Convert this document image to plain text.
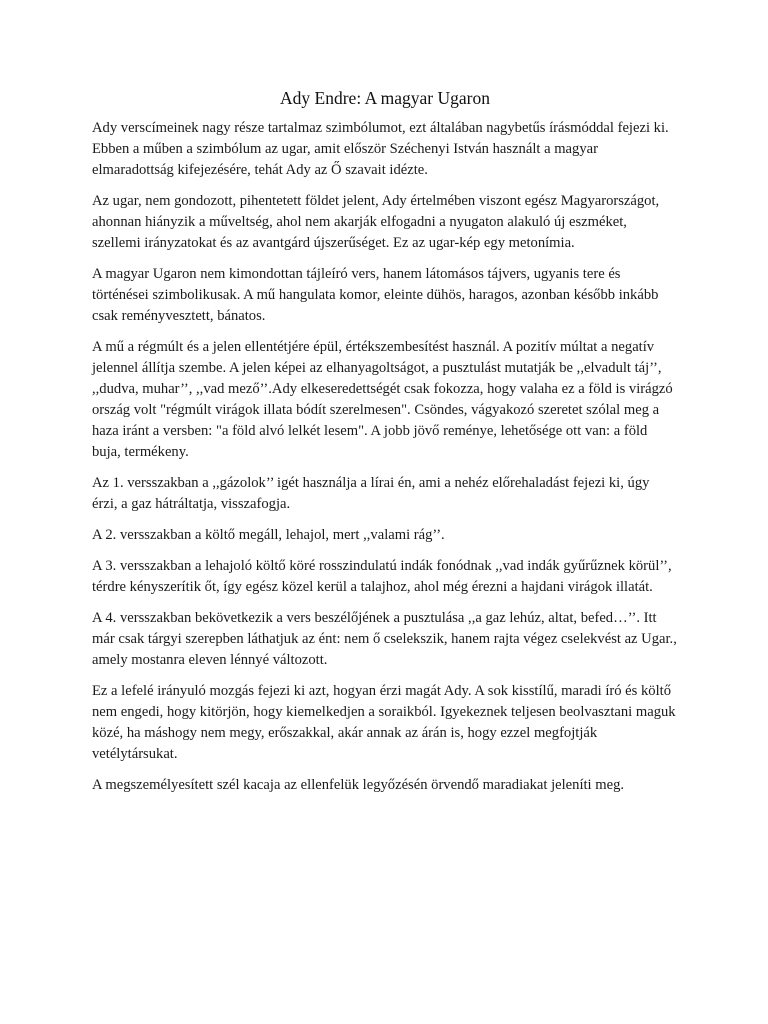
Ady Endre: A magyar Ugaron

Ady verscímeinek nagy része tartalmaz szimbólumot, ezt általában nagybetűs írásmóddal fejezi ki. Ebben a műben a szimbólum az ugar, amit először Széchenyi István használt a magyar elmaradottság kifejezésére, tehát Ady az Ő szavait idézte.

Az ugar, nem gondozott, pihentetett földet jelent, Ady értelmében viszont egész Magyarországot, ahonnan hiányzik a műveltség, ahol nem akarják elfogadni a nyugaton alakuló új eszméket, szellemi irányzatokat és az avantgárd újszerűséget. Ez az ugar-kép egy metonímia.

A magyar Ugaron nem kimondottan tájleíró vers, hanem látomásos tájvers, ugyanis tere és történései szimbolikusak. A mű hangulata komor, eleinte dühös, haragos, azonban később inkább csak reményvesztett, bánatos.

A mű a régmúlt és a jelen ellentétjére épül, értékszembesítést használ. A pozitív múltat a negatív jelennel állítja szembe. A jelen képei az elhanyagoltságot, a pusztulást mutatják be ,,elvadult táj’’, ,,dudva, muhar’’, ,,vad mező’’.Ady elkeseredettségét csak fokozza, hogy valaha ez a föld is virágzó ország volt "régmúlt virágok illata bódít szerelmesen". Csöndes, vágyakozó szeretet szólal meg a haza iránt a versben: "a föld alvó lelkét lesem". A jobb jövő reménye, lehetősége ott van: a föld buja, termékeny.

Az 1. versszakban a ,,gázolok’’ igét használja a lírai én, ami a nehéz előrehaladást fejezi ki, úgy érzi, a gaz hátráltatja, visszafogja.

A 2. versszakban a költő megáll, lehajol, mert ,,valami rág’’.

A 3. versszakban a lehajoló költő köré rosszindulatú indák fonódnak ,,vad indák gyűrűznek körül’’, térdre kényszerítik őt, így egész közel kerül a talajhoz, ahol még érezni a hajdani virágok illatát.

A 4. versszakban bekövetkezik a vers beszélőjének a pusztulása ,,a gaz lehúz, altat, befed…’’. Itt már csak tárgyi szerepben láthatjuk az ént: nem ő cselekszik, hanem rajta végez cselekvést az Ugar., amely mostanra eleven lénnyé változott.

Ez a lefelé irányuló mozgás fejezi ki azt, hogyan érzi magát Ady. A sok kisstílű, maradi író és költő nem engedi, hogy kitörjön, hogy kiemelkedjen a soraikból. Igyekeznek teljesen beolvasztani maguk közé, ha máshogy nem megy, erőszakkal, akár annak az árán is, hogy ezzel megfojtják vetélytársukat.

A megszemélyesített szél kacaja az ellenfelük legyőzésén örvendő maradiakat jeleníti meg.
